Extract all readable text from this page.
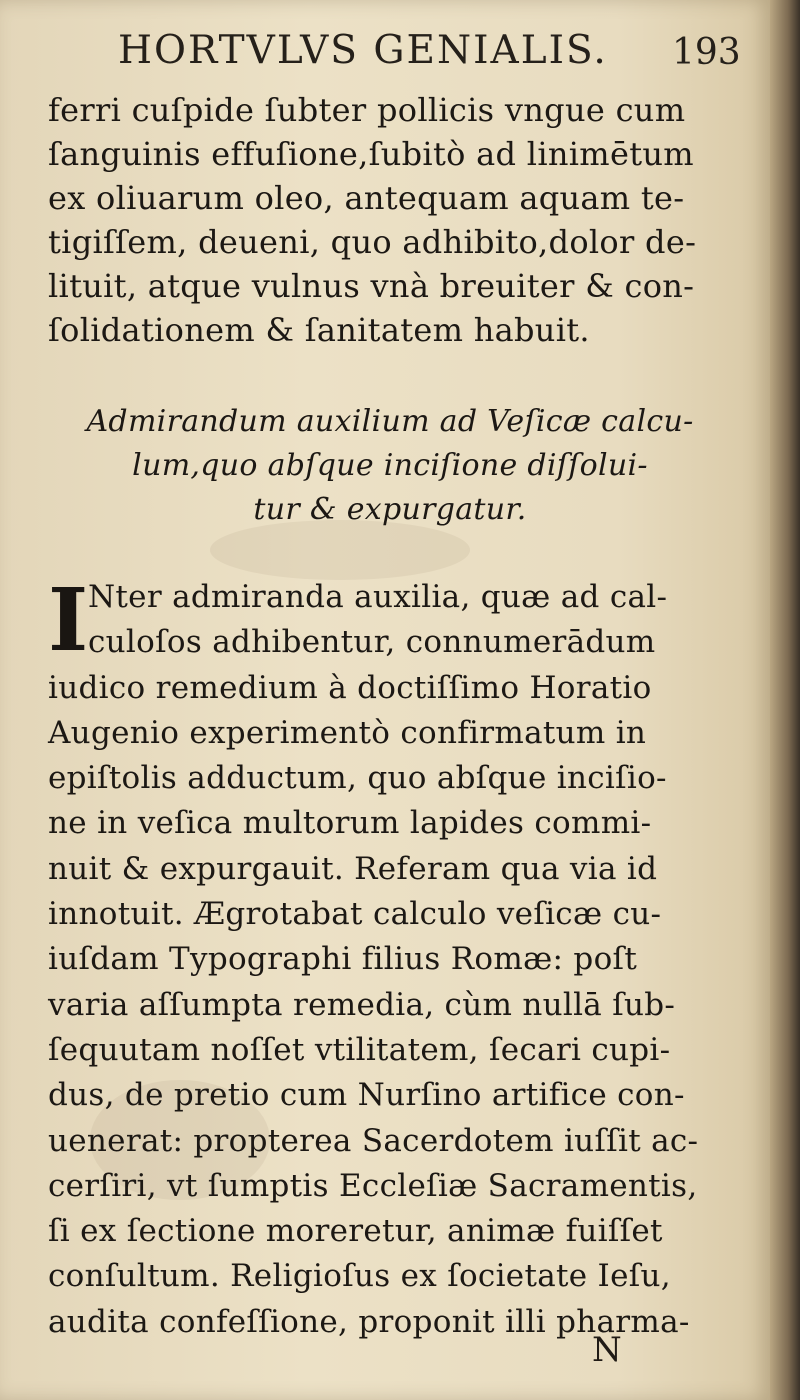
HORTVLVS GENIALIS. 193
ferri cuſpide ſubter pollicis vngue cum
ſanguinis effuſione,ſubitò ad linimētum
ex oliuarum oleo, antequam aquam te-
tigiſſem, deueni, quo adhibito,dolor de-
lituit, atque vulnus vnà breuiter & con-
ſolidationem & ſanitatem habuit.
Admirandum auxilium ad Veſicæ calcu-
lum,quo abſque inciſione diſſolui-
tur & expurgatur.
I Nter admiranda auxilia, quæ ad cal-
culoſos adhibentur, connumerādum
iudico remedium à doctiſſimo Horatio
Augenio experimentò confirmatum in
epiſtolis adductum, quo abſque inciſio-
ne in veſica multorum lapides commi-
nuit & expurgauit. Referam qua via id
innotuit. Ægrotabat calculo veſicæ cu-
iuſdam Typographi filius Romæ: poſt
varia aſſumpta remedia, cùm nullā ſub-
ſequutam noſſet vtilitatem, ſecari cupi-
dus, de pretio cum Nurſino artifice con-
uenerat: propterea Sacerdotem iuſſit ac-
cerſiri, vt ſumptis Eccleſiæ Sacramentis,
ſi ex ſectione moreretur, animæ fuiſſet
conſultum. Religioſus ex ſocietate Ieſu,
audita confeſſione, proponit illi pharma-
N
